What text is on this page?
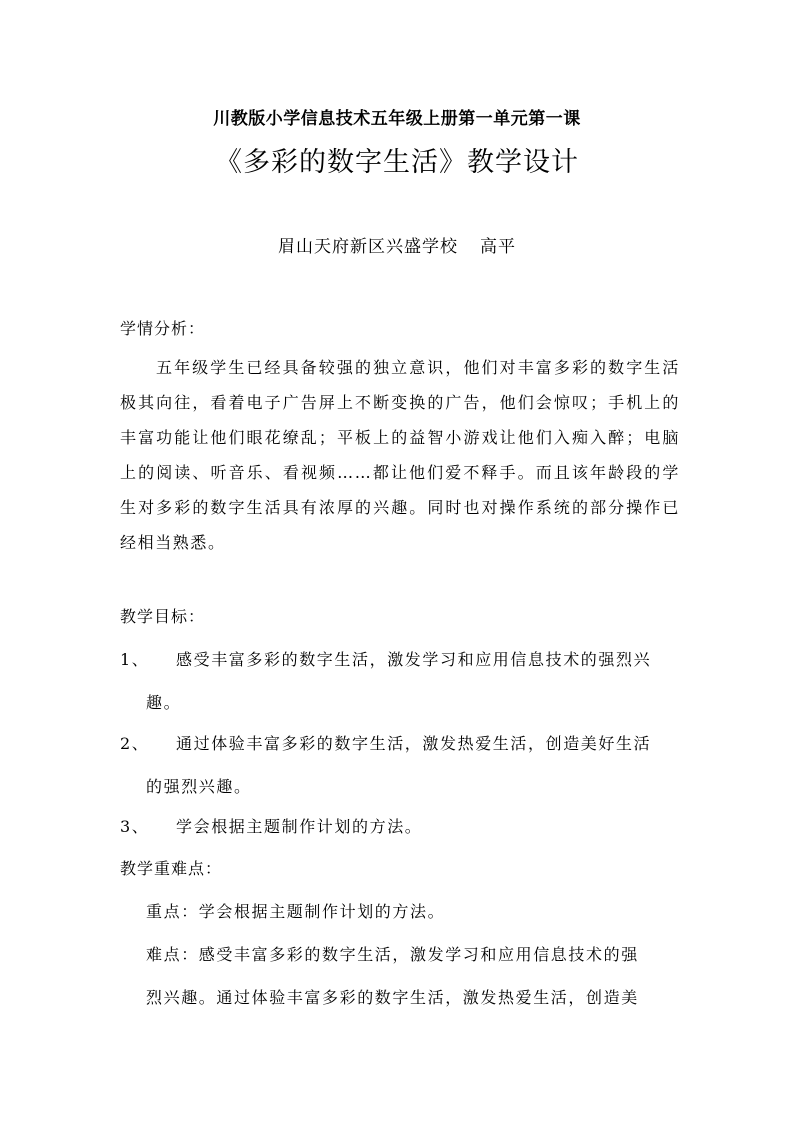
川教版小学信息技术五年级上册第一单元第一课
《多彩的数字生活》教学设计
眉山天府新区兴盛学校 高平
学情分析：
五年级学生已经具备较强的独立意识，他们对丰富多彩的数字生活极其向往，看着电子广告屏上不断变换的广告，他们会惊叹；手机上的丰富功能让他们眼花缭乱；平板上的益智小游戏让他们入痴入醉；电脑上的阅读、听音乐、看视频……都让他们爱不释手。而且该年龄段的学生对多彩的数字生活具有浓厚的兴趣。同时也对操作系统的部分操作已经相当熟悉。
教学目标：
1、 感受丰富多彩的数字生活，激发学习和应用信息技术的强烈兴
趣。
2、 通过体验丰富多彩的数字生活，激发热爱生活，创造美好生活
的强烈兴趣。
3、 学会根据主题制作计划的方法。
教学重难点：
重点：学会根据主题制作计划的方法。
难点：感受丰富多彩的数字生活，激发学习和应用信息技术的强
烈兴趣。通过体验丰富多彩的数字生活，激发热爱生活，创造美
